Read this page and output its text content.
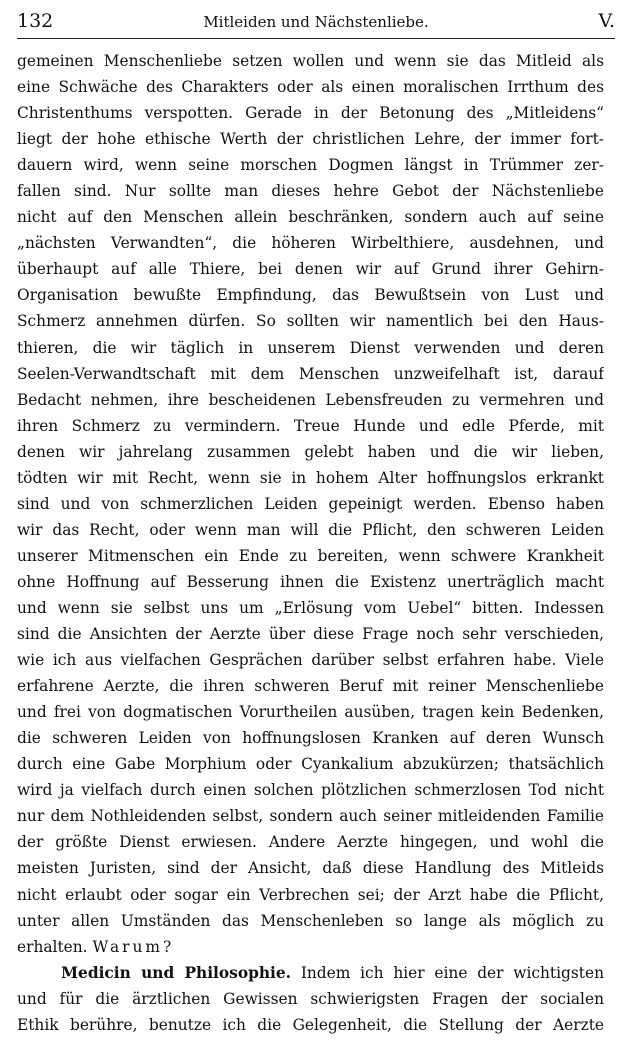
132	Mitleiden und Nächstenliebe.	V.
gemeinen Menschenliebe setzen wollen und wenn sie das Mitleid als
eine Schwäche des Charakters oder als einen moralischen Irrthum des
Christenthums verspotten. Gerade in der Betonung des „Mitleidens“
liegt der hohe ethische Werth der christlichen Lehre, der immer fort-
dauern wird, wenn seine morschen Dogmen längst in Trümmer zer-
fallen sind. Nur sollte man dieses hehre Gebot der Nächstenliebe
nicht auf den Menschen allein beschränken, sondern auch auf seine
„nächsten Verwandten“, die höheren Wirbelthiere, ausdehnen, und
überhaupt auf alle Thiere, bei denen wir auf Grund ihrer Gehirn-
Organisation bewußte Empfindung, das Bewußtsein von Lust und
Schmerz annehmen dürfen. So sollten wir namentlich bei den Haus-
thieren, die wir täglich in unserem Dienst verwenden und deren
Seelen-Verwandtschaft mit dem Menschen unzweifelhaft ist, darauf
Bedacht nehmen, ihre bescheidenen Lebensfreuden zu vermehren und
ihren Schmerz zu vermindern. Treue Hunde und edle Pferde, mit
denen wir jahrelang zusammen gelebt haben und die wir lieben,
tödten wir mit Recht, wenn sie in hohem Alter hoffnungslos erkrankt
sind und von schmerzlichen Leiden gepeinigt werden. Ebenso haben
wir das Recht, oder wenn man will die Pflicht, den schweren Leiden
unserer Mitmenschen ein Ende zu bereiten, wenn schwere Krankheit
ohne Hoffnung auf Besserung ihnen die Existenz unerträglich macht
und wenn sie selbst uns um „Erlösung vom Uebel“ bitten. Indessen
sind die Ansichten der Aerzte über diese Frage noch sehr verschieden,
wie ich aus vielfachen Gesprächen darüber selbst erfahren habe. Viele
erfahrene Aerzte, die ihren schweren Beruf mit reiner Menschenliebe
und frei von dogmatischen Vorurtheilen ausüben, tragen kein Bedenken,
die schweren Leiden von hoffnungslosen Kranken auf deren Wunsch
durch eine Gabe Morphium oder Cyankalium abzukürzen; thatsächlich
wird ja vielfach durch einen solchen plötzlichen schmerzlosen Tod nicht
nur dem Nothleidenden selbst, sondern auch seiner mitleidenden Familie
der größte Dienst erwiesen. Andere Aerzte hingegen, und wohl die
meisten Juristen, sind der Ansicht, daß diese Handlung des Mitleids
nicht erlaubt oder sogar ein Verbrechen sei; der Arzt habe die Pflicht,
unter allen Umständen das Menschenleben so lange als möglich zu
erhalten. Warum?
Medicin und Philosophie. Indem ich hier eine der wichtigsten
und für die ärztlichen Gewissen schwierigsten Fragen der socialen
Ethik berühre, benutze ich die Gelegenheit, die Stellung der Aerzte
